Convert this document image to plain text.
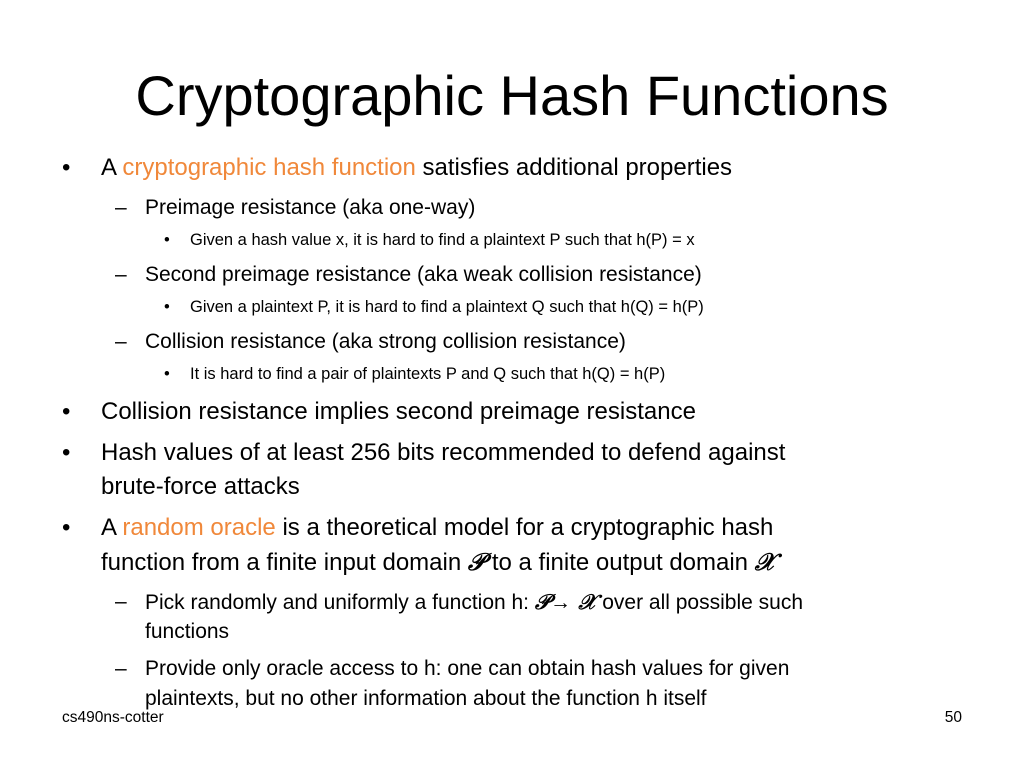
Cryptographic Hash Functions
• A cryptographic hash function satisfies additional properties

– Preimage resistance (aka one-way)

• Given a hash value x, it is hard to find a plaintext P such that h(P) = x

– Second preimage resistance (aka weak collision resistance)

• Given a plaintext P, it is hard to find a plaintext Q such that h(Q) = h(P)

– Collision resistance (aka strong collision resistance)

• It is hard to find a pair of plaintexts P and Q such that h(Q) = h(P)

• Collision resistance implies second preimage resistance

• Hash values of at least 256 bits recommended to defend against

brute-force attacks

• A random oracle is a theoretical model for a cryptographic hash

function from a finite input domain 𝒫 to a finite output domain 𝒳

– Pick randomly and uniformly a function h: 𝒫→ 𝒳 over all possible such

functions

– Provide only oracle access to h: one can obtain hash values for given

plaintexts, but no other information about the function h itself

cs490ns-cotter	50
